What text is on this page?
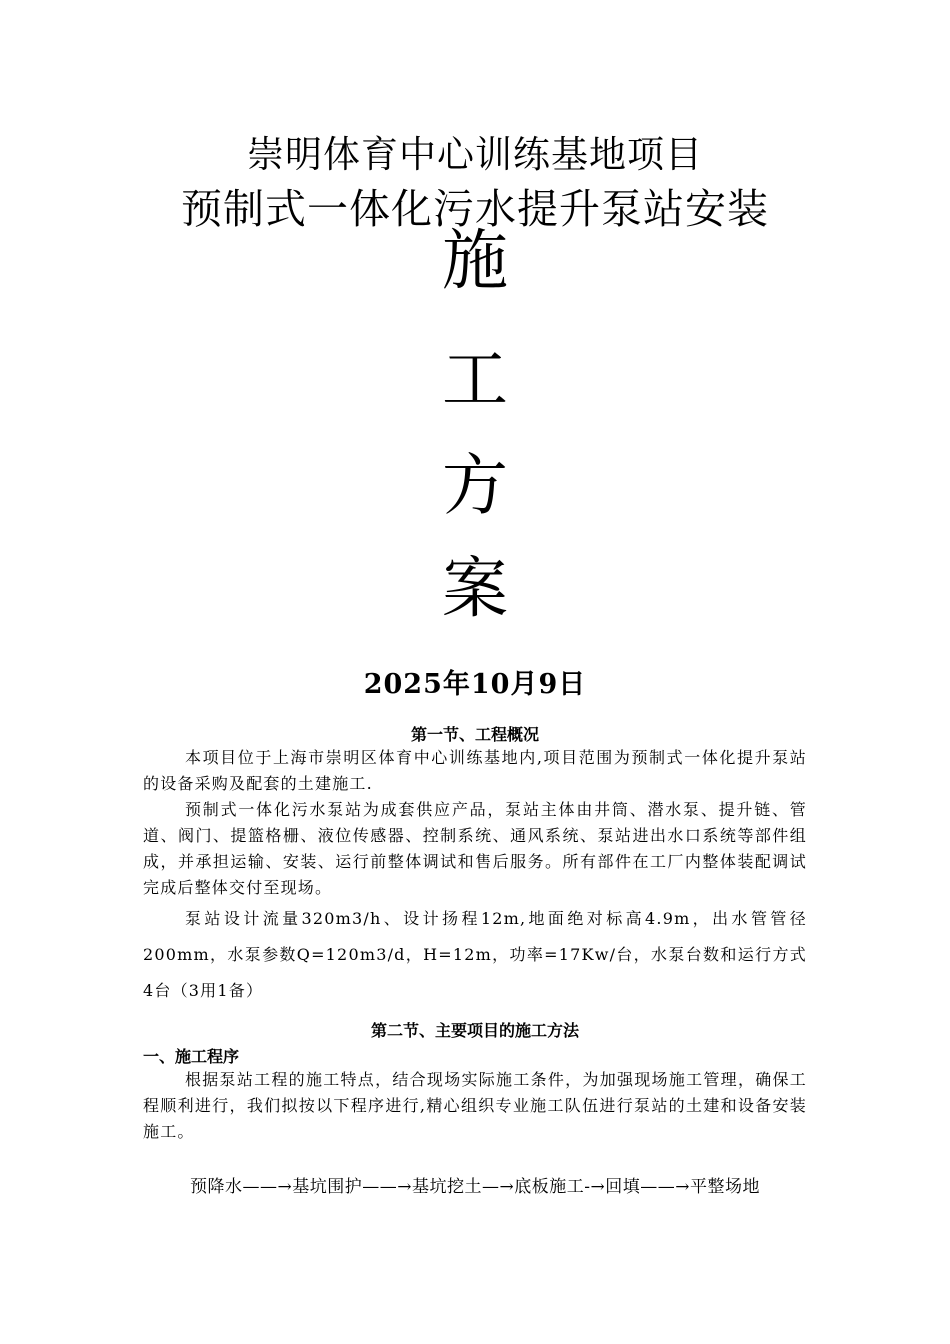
崇明体育中心训练基地项目
预制式一体化污水提升泵站安装
施
工
方
案
2025年10月9日
第一节、工程概况
本项目位于上海市崇明区体育中心训练基地内,项目范围为预制式一体化提升泵站的设备采购及配套的土建施工.
预制式一体化污水泵站为成套供应产品，泵站主体由井筒、潜水泵、提升链、管道、阀门、提篮格栅、液位传感器、控制系统、通风系统、泵站进出水口系统等部件组成，并承担运输、安装、运行前整体调试和售后服务。所有部件在工厂内整体装配调试完成后整体交付至现场。
泵站设计流量320m3/h、设计扬程12m,地面绝对标高4.9m，出水管管径200mm，水泵参数Q=120m3/d，H=12m，功率=17Kw/台，水泵台数和运行方式4台（3用1备）
第二节、主要项目的施工方法
一、施工程序
根据泵站工程的施工特点，结合现场实际施工条件，为加强现场施工管理，确保工程顺利进行，我们拟按以下程序进行,精心组织专业施工队伍进行泵站的土建和设备安装施工。
预降水——→基坑围护——→基坑挖土—→底板施工-→回填——→平整场地
